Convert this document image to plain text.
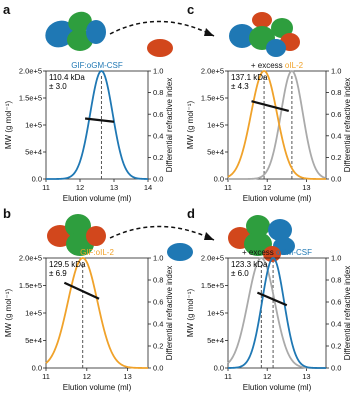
a	c
b	d
0.0
5e+4
1e+5
1.5e+5
2.0e+5
0.0
0.2
0.4
0.6
0.8
1.0
11	12	13	14
Elution volume (ml)
MW (g mol⁻¹)	Differential refractive index
GIF:oGM-CSF
110.4 kDa ± 3.0
0.0
5e+4
1e+5
1.5e+5
2.0e+5
0.0
0.2
0.4
0.6
0.8
1.0
11	12	13
Elution volume (ml)
MW (g mol⁻¹)	Differential refractive index
+ excess oIL-2
137.1 kDa ± 4.3
0.0
5e+4
1e+5
1.5e+5
2.0e+5
0.0
0.2
0.4
0.6
0.8
1.0
11	12	13
Elution volume (ml)
MW (g mol⁻¹)	Differential refractive index
GIF:oIL-2
129.5 kDa ± 6.9
0.0
5e+4
1e+5
1.5e+5
2.0e+5
0.0
0.2
0.4
0.6
0.8
1.0
11	12	13
Elution volume (ml)
MW (g mol⁻¹)	Differential refractive index
+ excess oGM-CSF
123.3 kDa ± 6.0
